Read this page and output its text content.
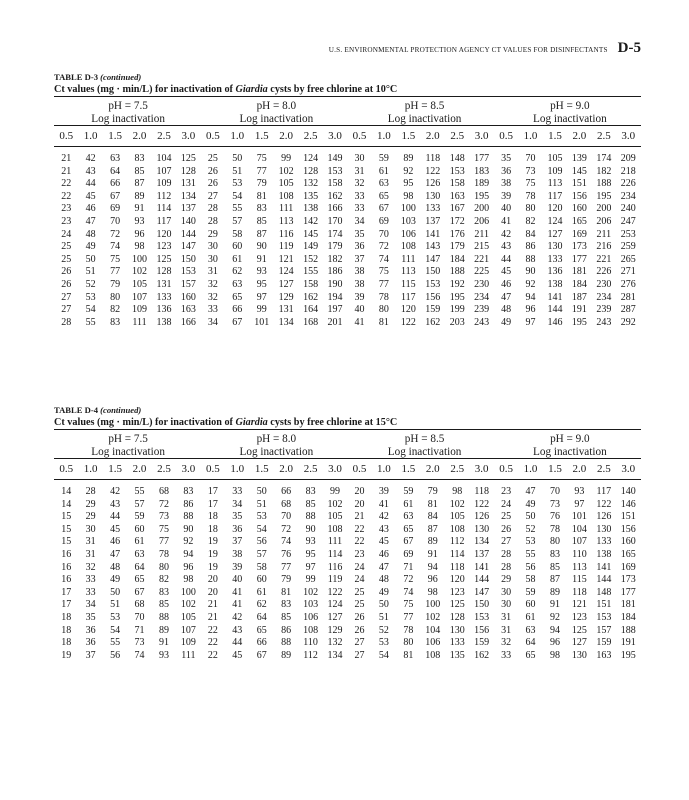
U.S. ENVIRONMENTAL PROTECTION AGENCY CT VALUES FOR DISINFECTANTS D-5
TABLE D-3 (continued)
Ct values (mg · min/L) for inactivation of Giardia cysts by free chlorine at 10°C
pH = 7.5
Log inactivation
pH = 8.0
Log inactivation
pH = 8.5
Log inactivation
pH = 9.0
Log inactivation
0.5 1.0 1.5 2.0 2.5 3.0 0.5 1.0 1.5 2.0 2.5 3.0 0.5 1.0 1.5 2.0 2.5 3.0 0.5 1.0 1.5 2.0 2.5 3.0
21	42	63	83	104 125	25	50	75	99	124 149	30	59	89	118 148 177	35	70	105 139 174 209
21	43	64	85	107 128	26	51	77	102 128 153	31	61	92	122 153 183	36	73	109 145 182 218
22	44	66	87	109 131	26	53	79	105 132 158	32	63	95	126 158 189	38	75	113 151 188 226
22	45	67	89	112 134	27	54	81	108 135 162	33	65	98	130 163 195	39	78	117 156 195 234
23	46	69	91	114 137	28	55	83	111 138 166	33	67	100 133 167 200	40	80	120 160 200 240
23	47	70	93	117 140	28	57	85	113 142 170	34	69	103 137 172 206	41	82	124 165 206 247
24	48	72	96	120 144	29	58	87	116 145 174	35	70	106 141 176 211	42	84	127 169 211 253
25	49	74	98	123 147	30	60	90	119 149 179	36	72	108 143 179 215	43	86	130 173 216 259
25	50	75	100 125 150	30	61	91	121 152 182	37	74	111 147 184 221	44	88	133 177 221 265
26	51	77	102 128 153	31	62	93	124 155 186	38	75	113 150 188 225	45	90	136 181 226 271
26	52	79	105 131 157	32	63	95	127 158 190	38	77	115 153 192 230	46	92	138 184 230 276
27	53	80	107 133 160	32	65	97	129 162 194	39	78	117 156 195 234	47	94	141 187 234 281
27	54	82	109 136 163	33	66	99	131 164 197	40	80	120 159 199 239	48	96	144 191 239 287
28	55	83	111 138 166	34	67	101 134 168 201	41	81	122 162 203 243	49	97	146 195 243 292
TABLE D-4 (continued)
Ct values (mg · min/L) for inactivation of Giardia cysts by free chlorine at 15°C
pH = 7.5
Log inactivation
pH = 8.0
Log inactivation
pH = 8.5
Log inactivation
pH = 9.0
Log inactivation
0.5 1.0 1.5 2.0 2.5 3.0 0.5 1.0 1.5 2.0 2.5 3.0 0.5 1.0 1.5 2.0 2.5 3.0 0.5 1.0 1.5 2.0 2.5 3.0
14	28	42	55	68	83	17	33	50	66	83	99	20	39	59	79	98	118	23	47	70	93	117 140
14	29	43	57	72	86	17	34	51	68	85	102	20	41	61	81	102 122	24	49	73	97	122 146
15	29	44	59	73	88	18	35	53	70	88	105	21	42	63	84	105 126	25	50	76	101 126 151
15	30	45	60	75	90	18	36	54	72	90	108	22	43	65	87	108 130	26	52	78	104 130 156
15	31	46	61	77	92	19	37	56	74	93	111	22	45	67	89	112 134	27	53	80	107 133 160
16	31	47	63	78	94	19	38	57	76	95	114	23	46	69	91	114 137	28	55	83	110 138 165
16	32	48	64	80	96	19	39	58	77	97	116	24	47	71	94	118 141	28	56	85	113 141 169
16	33	49	65	82	98	20	40	60	79	99	119	24	48	72	96	120 144	29	58	87	115 144 173
17	33	50	67	83	100	20	41	61	81	102 122	25	49	74	98	123 147	30	59	89	118 148 177
17	34	51	68	85	102	21	41	62	83	103 124	25	50	75	100 125 150	30	60	91	121 151 181
18	35	53	70	88	105	21	42	64	85	106 127	26	51	77	102 128 153	31	61	92	123 153 184
18	36	54	71	89	107	22	43	65	86	108 129	26	52	78	104 130 156	31	63	94	125 157 188
18	36	55	73	91	109	22	44	66	88	110 132	27	53	80	106 133 159	32	64	96	127 159 191
19	37	56	74	93	111	22	45	67	89	112 134	27	54	81	108 135 162	33	65	98	130 163 195
